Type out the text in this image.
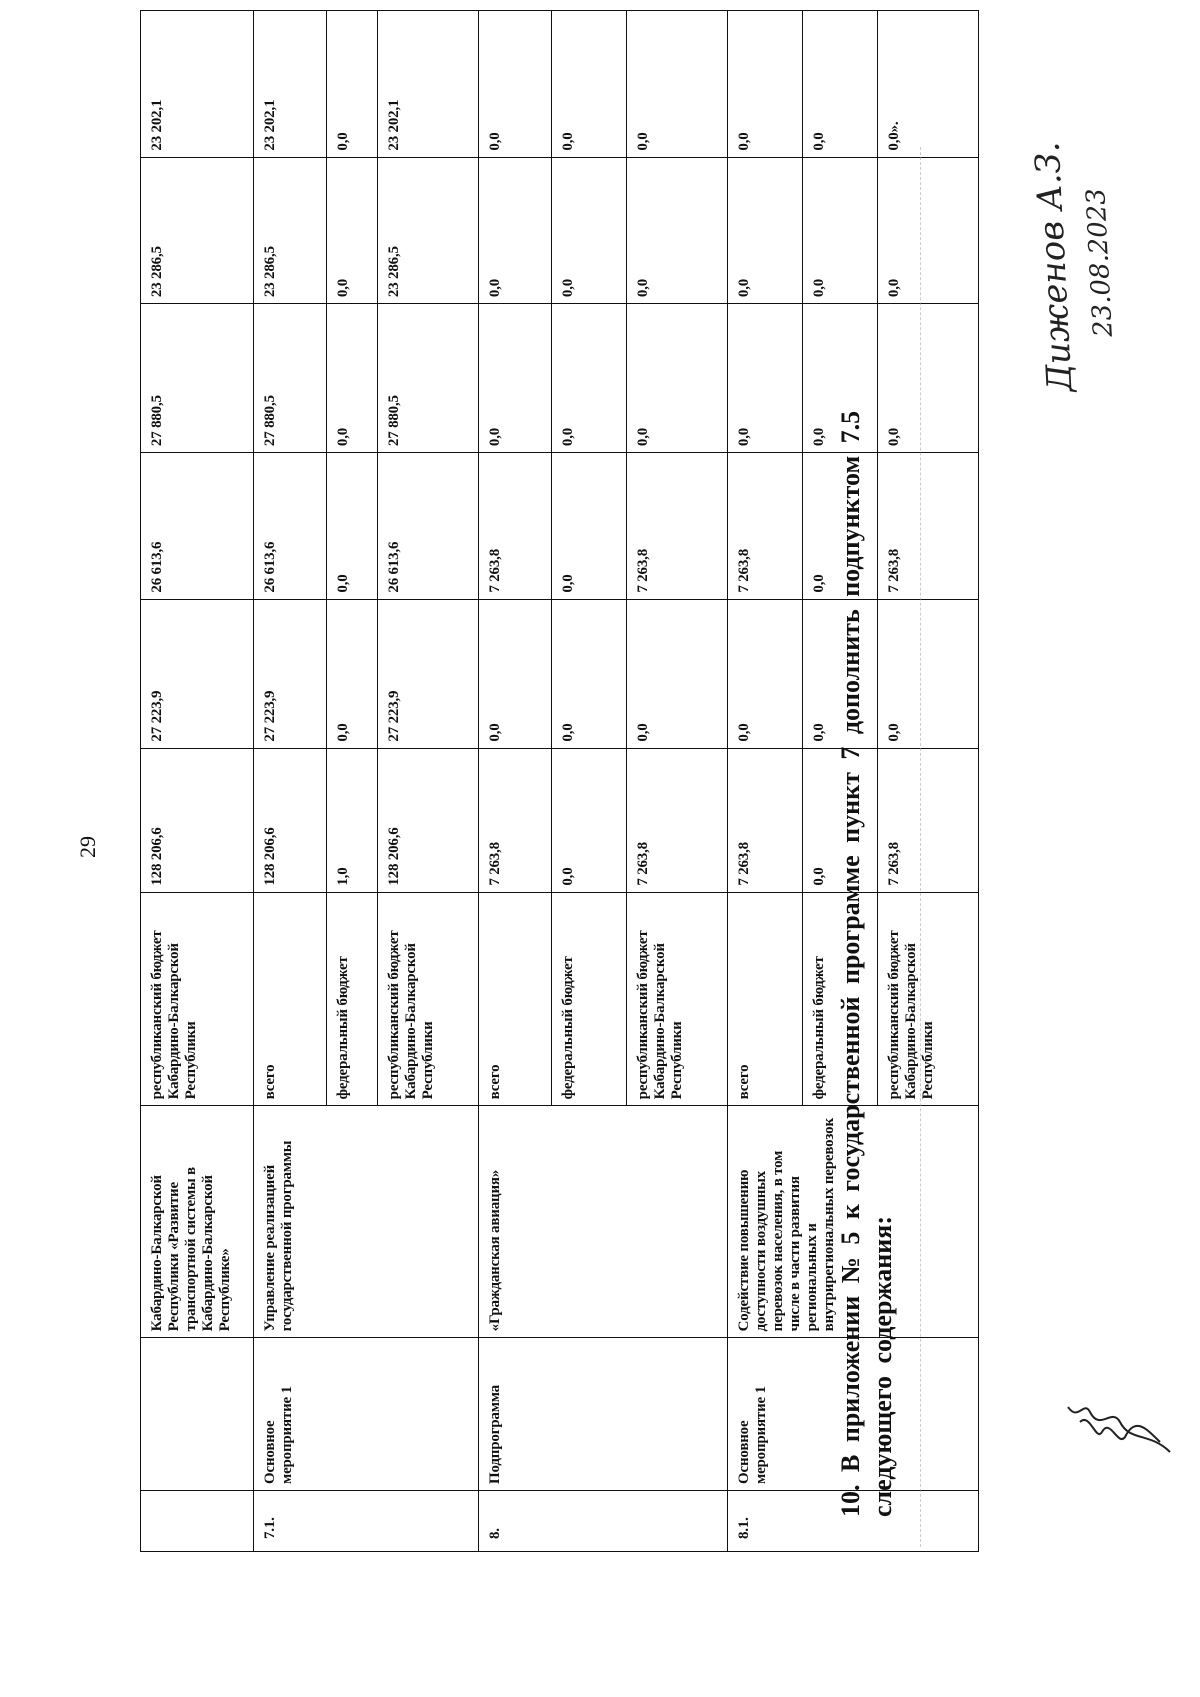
29
		Кабардино-Балкарской Республики «Развитие транспортной системы в Кабардино-Балкарской Республике»	республиканский бюджет Кабардино-Балкарской Республики	128 206,6	27 223,9	26 613,6	27 880,5	23 286,5	23 202,1
7.1.	Основное мероприятие 1	Управление реализацией государственной программы	всего	128 206,6	27 223,9	26 613,6	27 880,5	23 286,5	23 202,1
			федеральный бюджет	1,0	0,0	0,0	0,0	0,0	0,0
			республиканский бюджет Кабардино-Балкарской Республики	128 206,6	27 223,9	26 613,6	27 880,5	23 286,5	23 202,1
8.	Подпрограмма	«Гражданская авиация»	всего	7 263,8	0,0	7 263,8	0,0	0,0	0,0
			федеральный бюджет	0,0	0,0	0,0	0,0	0,0	0,0
			республиканский бюджет Кабардино-Балкарской Республики	7 263,8	0,0	7 263,8	0,0	0,0	0,0
8.1.	Основное мероприятие 1	Содействие повышению доступности воздушных перевозок населения, в том числе в части развития региональных и внутрирегиональных перевозок	всего	7 263,8	0,0	7 263,8	0,0	0,0	0,0
			федеральный бюджет	0,0	0,0	0,0	0,0	0,0	0,0
			республиканский бюджет Кабардино-Балкарской Республики	7 263,8	0,0	7 263,8	0,0	0,0	0,0».
10. В приложении № 5 к государственной программе пункт 7 дополнить подпунктом 7.5 следующего содержания:
Диженов А.З. 23.08.2023
